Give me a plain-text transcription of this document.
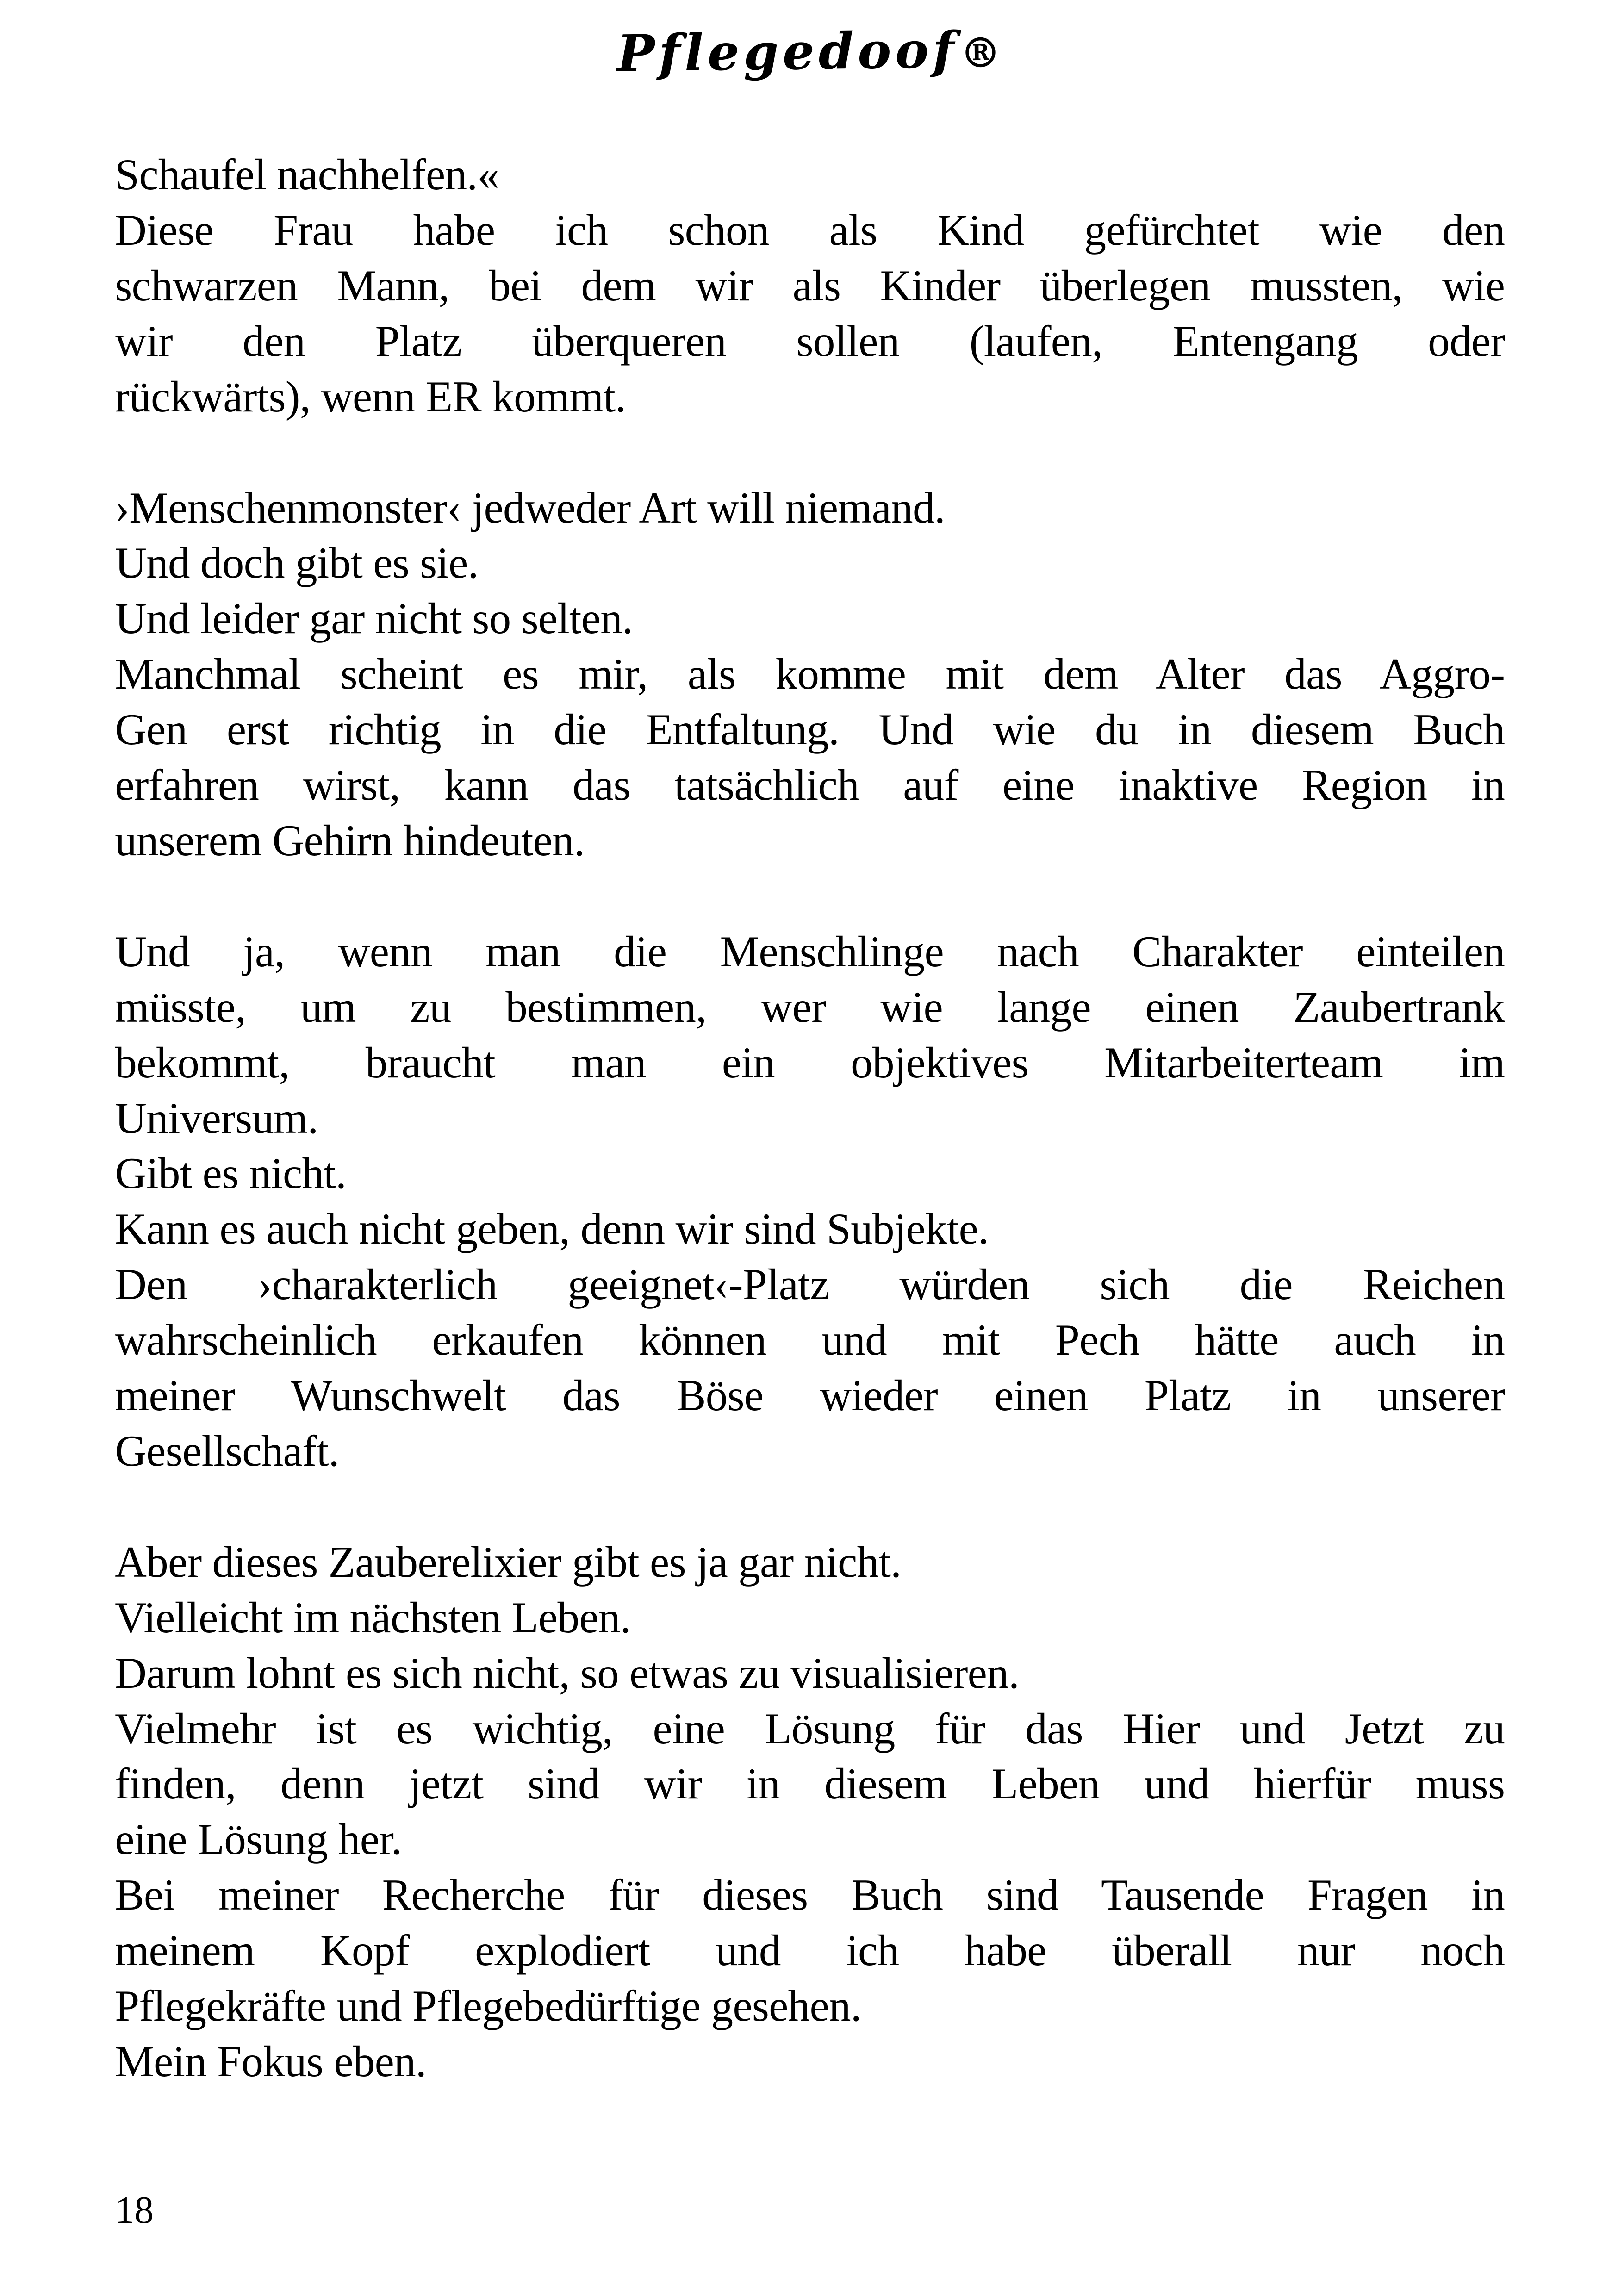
Pflegedoof®
Schaufel nachhelfen.«
Diese Frau habe ich schon als Kind gefürchtet wie den
schwarzen Mann, bei dem wir als Kinder überlegen mussten, wie
wir den Platz überqueren sollen (laufen, Entengang oder
rückwärts), wenn ER kommt.
›Menschenmonster‹ jedweder Art will niemand.
Und doch gibt es sie.
Und leider gar nicht so selten.
Manchmal scheint es mir, als komme mit dem Alter das Aggro-
Gen erst richtig in die Entfaltung. Und wie du in diesem Buch
erfahren wirst, kann das tatsächlich auf eine inaktive Region in
unserem Gehirn hindeuten.
Und ja, wenn man die Menschlinge nach Charakter einteilen
müsste, um zu bestimmen, wer wie lange einen Zaubertrank
bekommt, braucht man ein objektives Mitarbeiterteam im
Universum.
Gibt es nicht.
Kann es auch nicht geben, denn wir sind Subjekte.
Den ›charakterlich geeignet‹-Platz würden sich die Reichen
wahrscheinlich erkaufen können und mit Pech hätte auch in
meiner Wunschwelt das Böse wieder einen Platz in unserer
Gesellschaft.
Aber dieses Zauberelixier gibt es ja gar nicht.
Vielleicht im nächsten Leben.
Darum lohnt es sich nicht, so etwas zu visualisieren.
Vielmehr ist es wichtig, eine Lösung für das Hier und Jetzt zu
finden, denn jetzt sind wir in diesem Leben und hierfür muss
eine Lösung her.
Bei meiner Recherche für dieses Buch sind Tausende Fragen in
meinem Kopf explodiert und ich habe überall nur noch
Pflegekräfte und Pflegebedürftige gesehen.
Mein Fokus eben.
18
